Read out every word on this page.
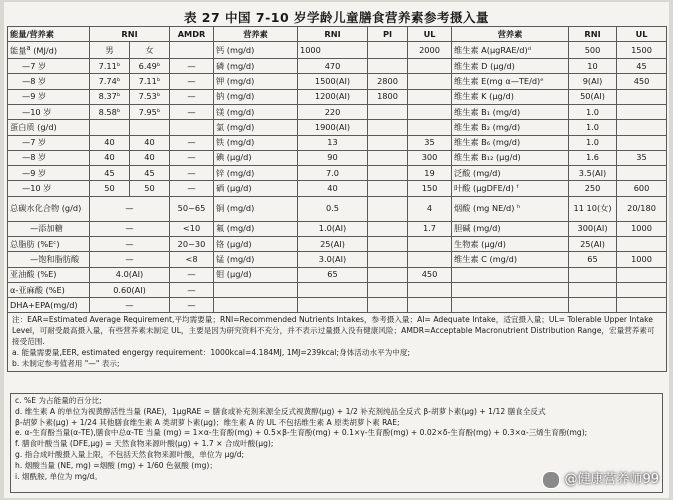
表 27 中国 7-10 岁学龄儿童膳食营养素参考摄入量
能量/营养素	RNI		AMDR	营养素	RNI	PI	UL	营养素	RNI	UL
能量$^a$ (MJ/d)	男	女		钙 (mg/d)	1000		2000	维生素 A(μgRAE/d)ᵈ	500	1500
—7 岁	7.11ᵇ	6.49ᵇ	—	磷 (mg/d)	470			维生素 D (μg/d)	10	45
—8 岁	7.74ᵇ	7.11ᵇ	—	钾 (mg/d)	1500(AI)	2800		维生素 E(mg α—TE/d)ᵉ	9(AI)	450
—9 岁	8.37ᵇ	7.53ᵇ	—	钠 (mg/d)	1200(AI)	1800		维生素 K (μg/d)	50(AI)	
—10 岁	8.58ᵇ	7.95ᵇ	—	镁 (mg/d)	220			维生素 B₁ (mg/d)	1.0	
蛋白质 (g/d)				氯 (mg/d)	1900(AI)			维生素 B₂ (mg/d)	1.0	
—7 岁	40	40	—	铁 (mg/d)	13		35	维生素 B₆ (mg/d)	1.0	
—8 岁	40	40	—	碘 (μg/d)	90		300	维生素 B₁₂ (μg/d)	1.6	35
—9 岁	45	45	—	锌 (mg/d)	7.0		19	泛酸 (mg/d)	3.5(AI)	
—10 岁	50	50	—	硒 (μg/d)	40		150	叶酸 (μgDFE/d) ᶠ	250	600
总碳水化合物 (g/d)	—		50~65	铜 (mg/d)	0.5		4	烟酸 (mg NE/d) ʰ	11 10(女)	20/180
—添加糖	—		<10	氟 (mg/d)	1.0(AI)		1.7	胆碱 (mg/d)	300(AI)	1000
总脂肪 (%Eᶜ)	—		20~30	铬 (μg/d)	25(AI)			生物素 (μg/d)	25(AI)	
—饱和脂肪酸	—		<8	锰 (mg/d)	3.0(AI)			维生素 C (mg/d)	65	1000
亚油酸 (%E)	4.0(AI)		—	钼 (μg/d)	65		450			
α-亚麻酸 (%E)	0.60(AI)		—							
DHA+EPA(mg/d)	—		—							

注：EAR=Estimated Average Requirement,平均需要量；RNI=Recommended Nutrients Intakes，参考摄入量；AI= Adequate Intake，适宜摄入量；UL= Tolerable Upper Intake Level，可耐受最高摄入量，有些营养素未制定 UL，主要是因为研究资料不充分，并不表示过量摄入没有健康风险；AMDR=Acceptable Macronutrient Distribution Range，宏量营养素可接受范围.
a. 能量需要量,EER, estimated engergy requirement：1000kcal=4.184MJ, 1MJ=239kcal;身体活动水平为中度;
b. 未制定参考值者用 "—" 表示;										
c. %E 为占能量的百分比;
d. 维生素 A 的单位为视黄醇活性当量 (RAE)，1μgRAE = 膳食或补充剂来源全反式视黄醇(μg) + 1/2 补充剂纯品全反式 β-胡萝卜素(μg) + 1/12 膳食全反式
β-胡萝卜素(μg) + 1/24 其他膳食维生素 A 类胡萝卜素(μg)；维生素 A 的 UL 不包括维生素 A 原类胡萝卜素 RAE;
e. α-生育酚当量(α-TE),膳食中总α-TE 当量 (mg) = 1×α-生育酚(mg) + 0.5×β-生育酚(mg) + 0.1×γ-生育酚(mg) + 0.02×δ-生育酚(mg) + 0.3×α-三烯生育酚(mg);
f. 膳食叶酸当量 (DFE,μg) = 天然食物来源叶酸(μg) + 1.7 × 合成叶酸(μg);
g. 指合成叶酸摄入量上限，不包括天然食物来源叶酸，单位为 μg/d;
h. 烟酸当量 (NE, mg) =烟酸 (mg) + 1/60 色氨酸 (mg)；
i. 烟酰胺, 单位为 mg/d。	@健康营养师99
